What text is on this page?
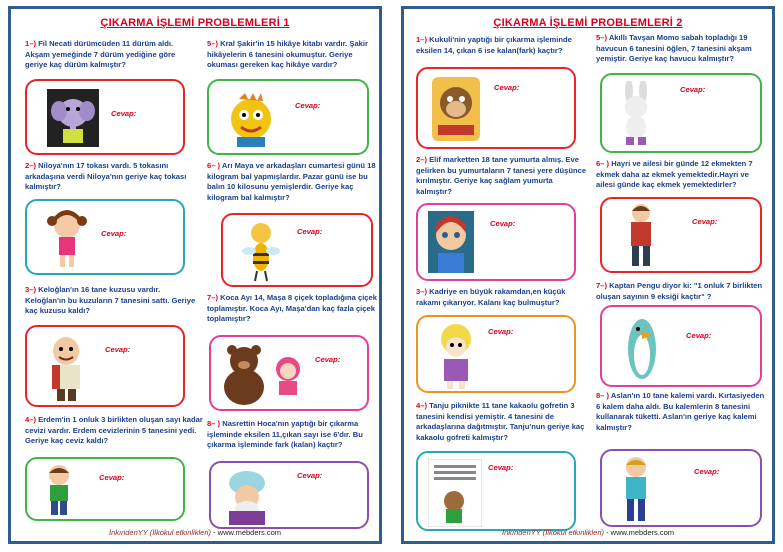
ÇIKARMA İŞLEMİ PROBLEMLERİ 1
1–) Fil Necati dürümcüden 11 dürüm aldı. Akşam yemeğinde 7 dürüm yediğine göre geriye kaç dürüm kalmıştır?
Cevap:
2–) Niloya'nın 17 tokası vardı. 5 tokasını arkadaşına verdi Niloya'nın geriye kaç tokası kalmıştır?
Cevap:
3–) Keloğlan'ın 16 tane kuzusu vardır. Keloğlan'ın bu kuzuların 7 tanesini sattı. Geriye kaç kuzusu kaldı?
Cevap:
4–) Erdem'in 1 onluk 3 birlikten oluşan sayı kadar cevizi vardır. Erdem cevizlerinin 5 tanesini yedi. Geriye kaç ceviz kaldı?
Cevap:
5–) Kral Şakir'in 15 hikâye kitabı vardır. Şakir hikâyelerin 6 tanesini okumuştur. Geriye okuması gereken kaç hikâye vardır?
Cevap:
6– ) Arı Maya ve arkadaşları cumartesi günü 18 kilogram bal yapmışlardır. Pazar günü ise bu balın 10 kilosunu yemişlerdir. Geriye kaç kilogram bal kalmıştır?
Cevap:
7–) Koca Ayı 14, Maşa 8 çiçek topladığına çiçek toplamıştır. Koca Ayı, Maşa'dan kaç fazla çiçek toplamıştır?
Cevap:
8– ) Nasrettin Hoca'nın yaptığı bir çıkarma işleminde eksilen 11,çıkan sayı ise 6'dır. Bu çıkarma işleminde fark (kalan) kaçtır?
Cevap:
İnkındenYY (İlkokul etkinlikleri) - www.mebders.com
ÇIKARMA İŞLEMİ PROBLEMLERİ 2
1–) Kukuli'nin yaptığı bir çıkarma işleminde eksilen 14, çıkan 6 ise kalan(fark) kaçtır?
Cevap:
2–) Elif marketten 18 tane yumurta almış. Eve gelirken bu yumurtaların 7 tanesi yere düşünce kırılmıştır. Geriye kaç sağlam yumurta kalmıştır?
Cevap:
3–) Kadriye en büyük rakamdan,en küçük rakamı çıkarıyor. Kalanı kaç bulmuştur?
Cevap:
4–) Tanju piknikte 11 tane kakaolu gofretin 3 tanesini kendisi yemiştir. 4 tanesini de arkadaşlarına dağıtmıştır. Tanju'nun geriye kaç kakaolu gofreti kalmıştır?
Cevap:
5–) Akıllı Tavşan Momo sabah topladığı 19 havucun 6 tanesini öğlen, 7 tanesini akşam yemiştir. Geriye kaç havucu kalmıştır?
Cevap:
6– ) Hayri ve ailesi bir günde 12 ekmekten 7 ekmek daha az ekmek yemektedir.Hayri ve ailesi günde kaç ekmek yemektedirler?
Cevap:
7–) Kaptan Pengu diyor ki: "1 onluk 7 birlikten oluşan sayının 9 eksiği kaçtır" ?
Cevap:
8– ) Aslan'ın 10 tane kalemi vardı. Kırtasiyeden 6 kalem daha aldı. Bu kalemlerin 8 tanesini kullanarak tüketti. Aslan'ın geriye kaç kalemi kalmıştır?
Cevap:
İnkındenYY (İlkokul etkinlikleri) - www.mebders.com
